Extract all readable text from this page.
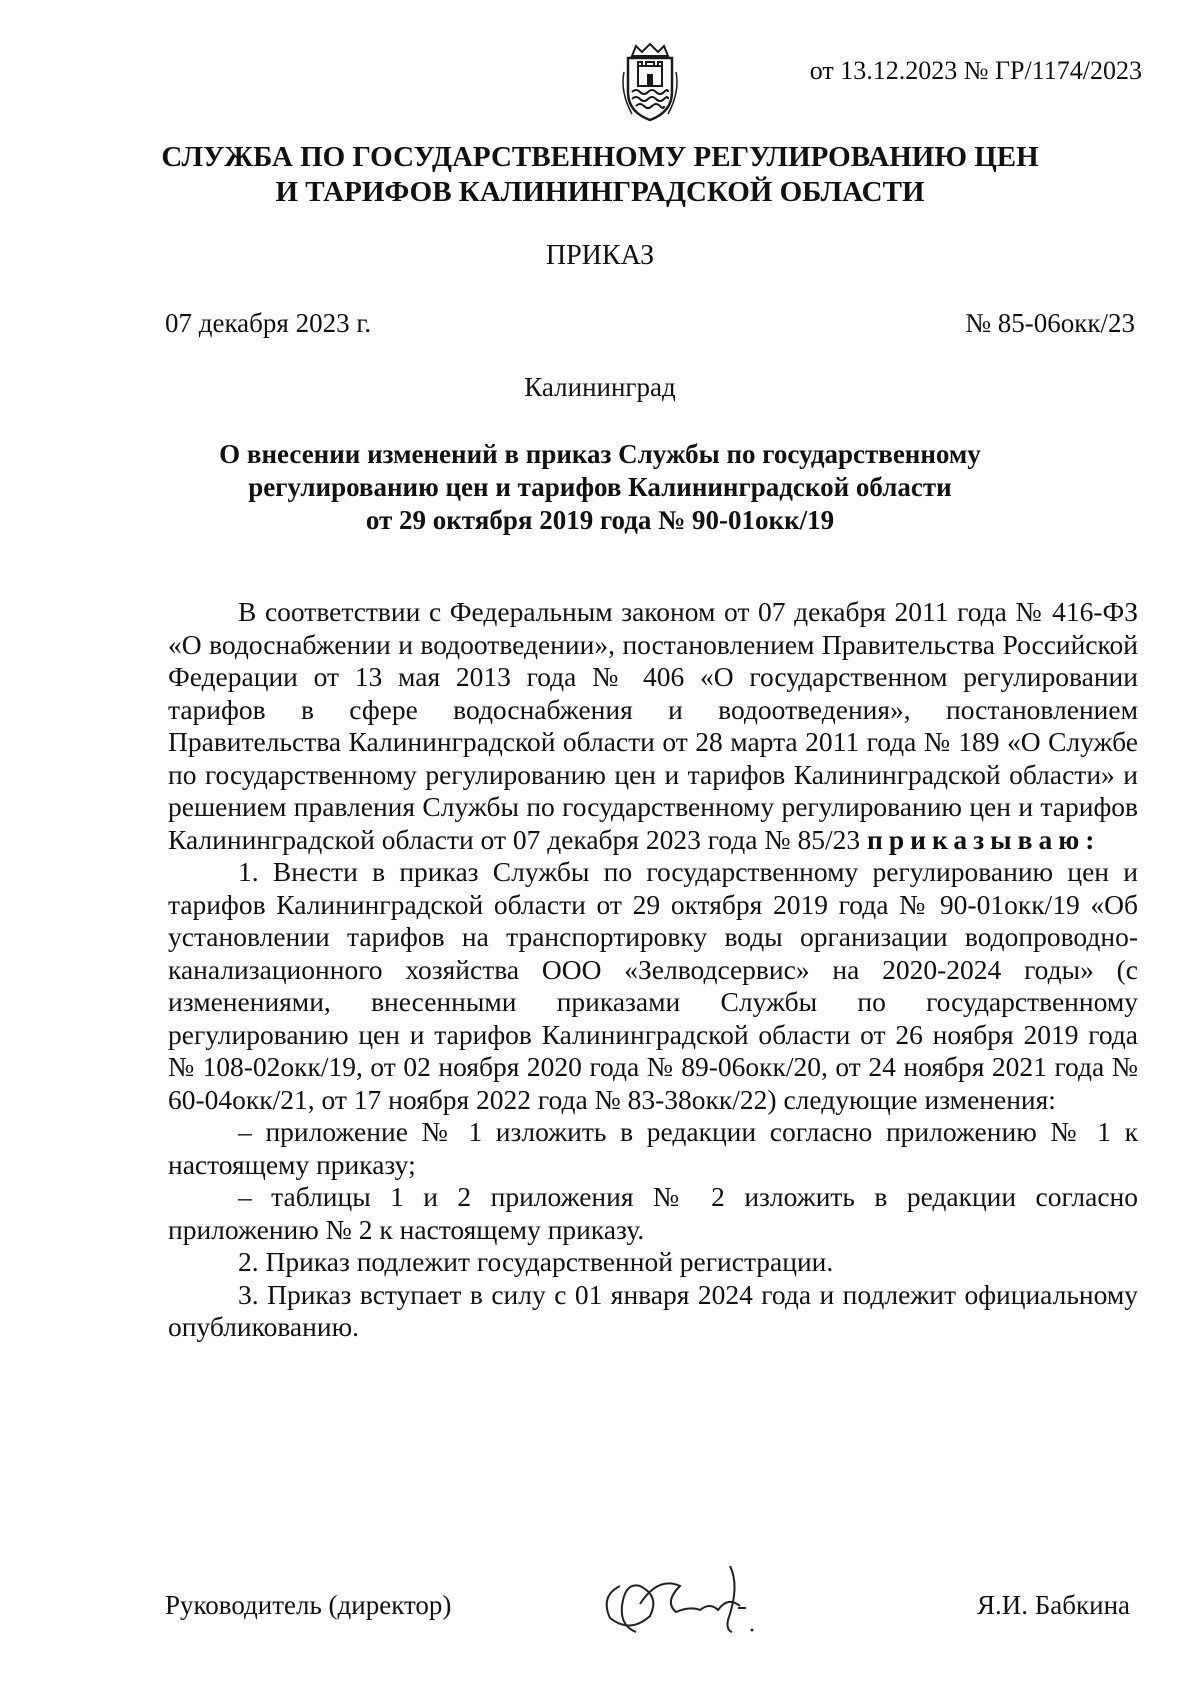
от 13.12.2023 № ГР/1174/2023
СЛУЖБА ПО ГОСУДАРСТВЕННОМУ РЕГУЛИРОВАНИЮ ЦЕН
И ТАРИФОВ КАЛИНИНГРАДСКОЙ ОБЛАСТИ
ПРИКАЗ
07 декабря 2023 г.	№ 85-06окк/23
Калининград
О внесении изменений в приказ Службы по государственному
регулированию цен и тарифов Калининградской области
от 29 октября 2019 года № 90-01окк/19

В соответствии с Федеральным законом от 07 декабря 2011 года № 416-ФЗ «О водоснабжении и водоотведении», постановлением Правительства Российской Федерации от 13 мая 2013 года № 406 «О государственном регулировании тарифов в сфере водоснабжения и водоотведения», постановлением Правительства Калининградской области от 28 марта 2011 года № 189 «О Службе по государственному регулированию цен и тарифов Калининградской области» и решением правления Службы по государственному регулированию цен и тарифов Калининградской области от 07 декабря 2023 года № 85/23 приказываю:

1. Внести в приказ Службы по государственному регулированию цен и тарифов Калининградской области от 29 октября 2019 года № 90-01окк/19 «Об установлении тарифов на транспортировку воды организации водопроводно-канализационного хозяйства ООО «Зелводсервис» на 2020-2024 годы» (с изменениями, внесенными приказами Службы по государственному регулированию цен и тарифов Калининградской области от 26 ноября 2019 года № 108-02окк/19, от 02 ноября 2020 года № 89-06окк/20, от 24 ноября 2021 года № 60-04окк/21, от 17 ноября 2022 года № 83-38окк/22) следующие изменения:

– приложение № 1 изложить в редакции согласно приложению № 1 к настоящему приказу;

– таблицы 1 и 2 приложения № 2 изложить в редакции согласно приложению № 2 к настоящему приказу.

2. Приказ подлежит государственной регистрации.

3. Приказ вступает в силу с 01 января 2024 года и подлежит официальному опубликованию.

Руководитель (директор)	Я.И. Бабкина
